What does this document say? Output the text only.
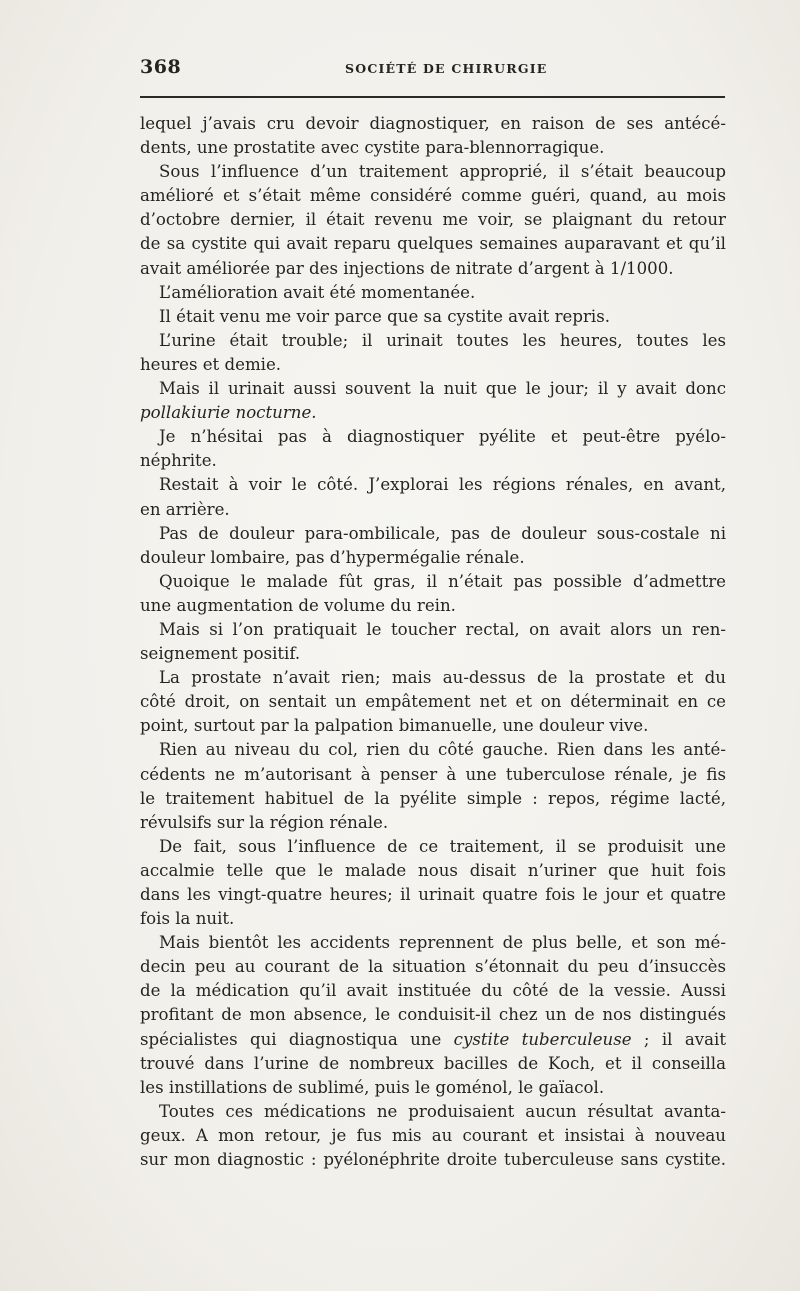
368	SOCIÉTÉ DE CHIRURGIE
lequel j’avais cru devoir diagnostiquer, en raison de ses antécé-
dents, une prostatite avec cystite para-blennorragique.
Sous l’influence d’un traitement approprié, il s’était beaucoup
amélioré et s’était même considéré comme guéri, quand, au mois
d’octobre dernier, il était revenu me voir, se plaignant du retour
de sa cystite qui avait reparu quelques semaines auparavant et qu’il
avait améliorée par des injections de nitrate d’argent à 1/1000.
L’amélioration avait été momentanée.
Il était venu me voir parce que sa cystite avait repris.
L’urine était trouble; il urinait toutes les heures, toutes les
heures et demie.
Mais il urinait aussi souvent la nuit que le jour; il y avait donc
pollakiurie nocturne.
Je n’hésitai pas à diagnostiquer pyélite et peut-être pyélo-
néphrite.
Restait à voir le côté. J’explorai les régions rénales, en avant,
en arrière.
Pas de douleur para-ombilicale, pas de douleur sous-costale ni
douleur lombaire, pas d’hypermégalie rénale.
Quoique le malade fût gras, il n’était pas possible d’admettre
une augmentation de volume du rein.
Mais si l’on pratiquait le toucher rectal, on avait alors un ren-
seignement positif.
La prostate n’avait rien; mais au-dessus de la prostate et du
côté droit, on sentait un empâtement net et on déterminait en ce
point, surtout par la palpation bimanuelle, une douleur vive.
Rien au niveau du col, rien du côté gauche. Rien dans les anté-
cédents ne m’autorisant à penser à une tuberculose rénale, je fis
le traitement habituel de la pyélite simple : repos, régime lacté,
révulsifs sur la région rénale.
De fait, sous l’influence de ce traitement, il se produisit une
accalmie telle que le malade nous disait n’uriner que huit fois
dans les vingt-quatre heures; il urinait quatre fois le jour et quatre
fois la nuit.
Mais bientôt les accidents reprennent de plus belle, et son mé-
decin peu au courant de la situation s’étonnait du peu d’insuccès
de la médication qu’il avait instituée du côté de la vessie. Aussi
profitant de mon absence, le conduisit-il chez un de nos distingués
spécialistes qui diagnostiqua une cystite tuberculeuse ; il avait
trouvé dans l’urine de nombreux bacilles de Koch, et il conseilla
les instillations de sublimé, puis le goménol, le gaïacol.
Toutes ces médications ne produisaient aucun résultat avanta-
geux. A mon retour, je fus mis au courant et insistai à nouveau
sur mon diagnostic : pyélonéphrite droite tuberculeuse sans cystite.
